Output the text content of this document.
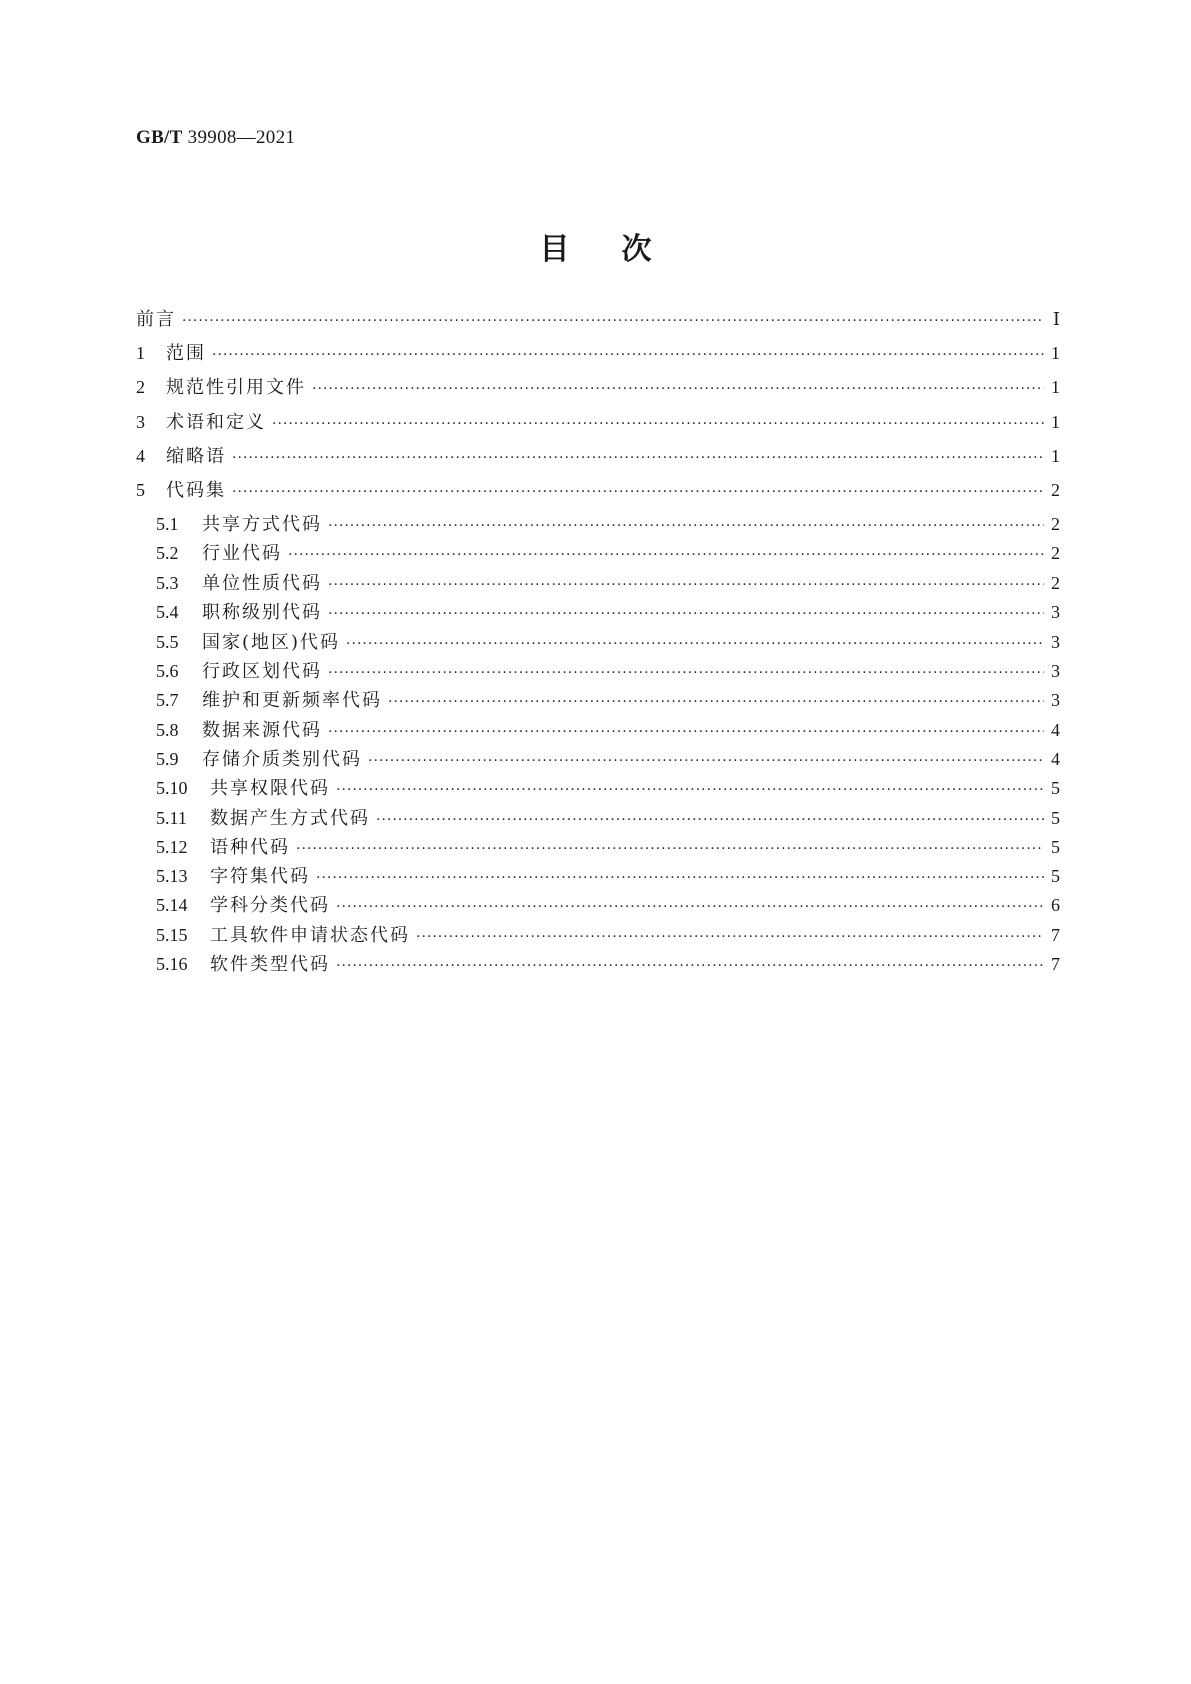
GB/T 39908—2021
目次
前言 ·····	Ⅰ
1	范围 ·····	1
2	规范性引用文件 ·····	1
3	术语和定义 ·····	1
4	缩略语 ·····	1
5	代码集 ·····	2
5.1	共享方式代码 ·····	2
5.2	行业代码 ·····	2
5.3	单位性质代码 ·····	2
5.4	职称级别代码 ·····	3
5.5	国家(地区)代码 ·····	3
5.6	行政区划代码 ·····	3
5.7	维护和更新频率代码 ·····	3
5.8	数据来源代码 ·····	4
5.9	存储介质类别代码 ·····	4
5.10	共享权限代码 ·····	5
5.11	数据产生方式代码 ·····	5
5.12	语种代码 ·····	5
5.13	字符集代码 ·····	5
5.14	学科分类代码 ·····	6
5.15	工具软件申请状态代码 ·····	7
5.16	软件类型代码 ·····	7
